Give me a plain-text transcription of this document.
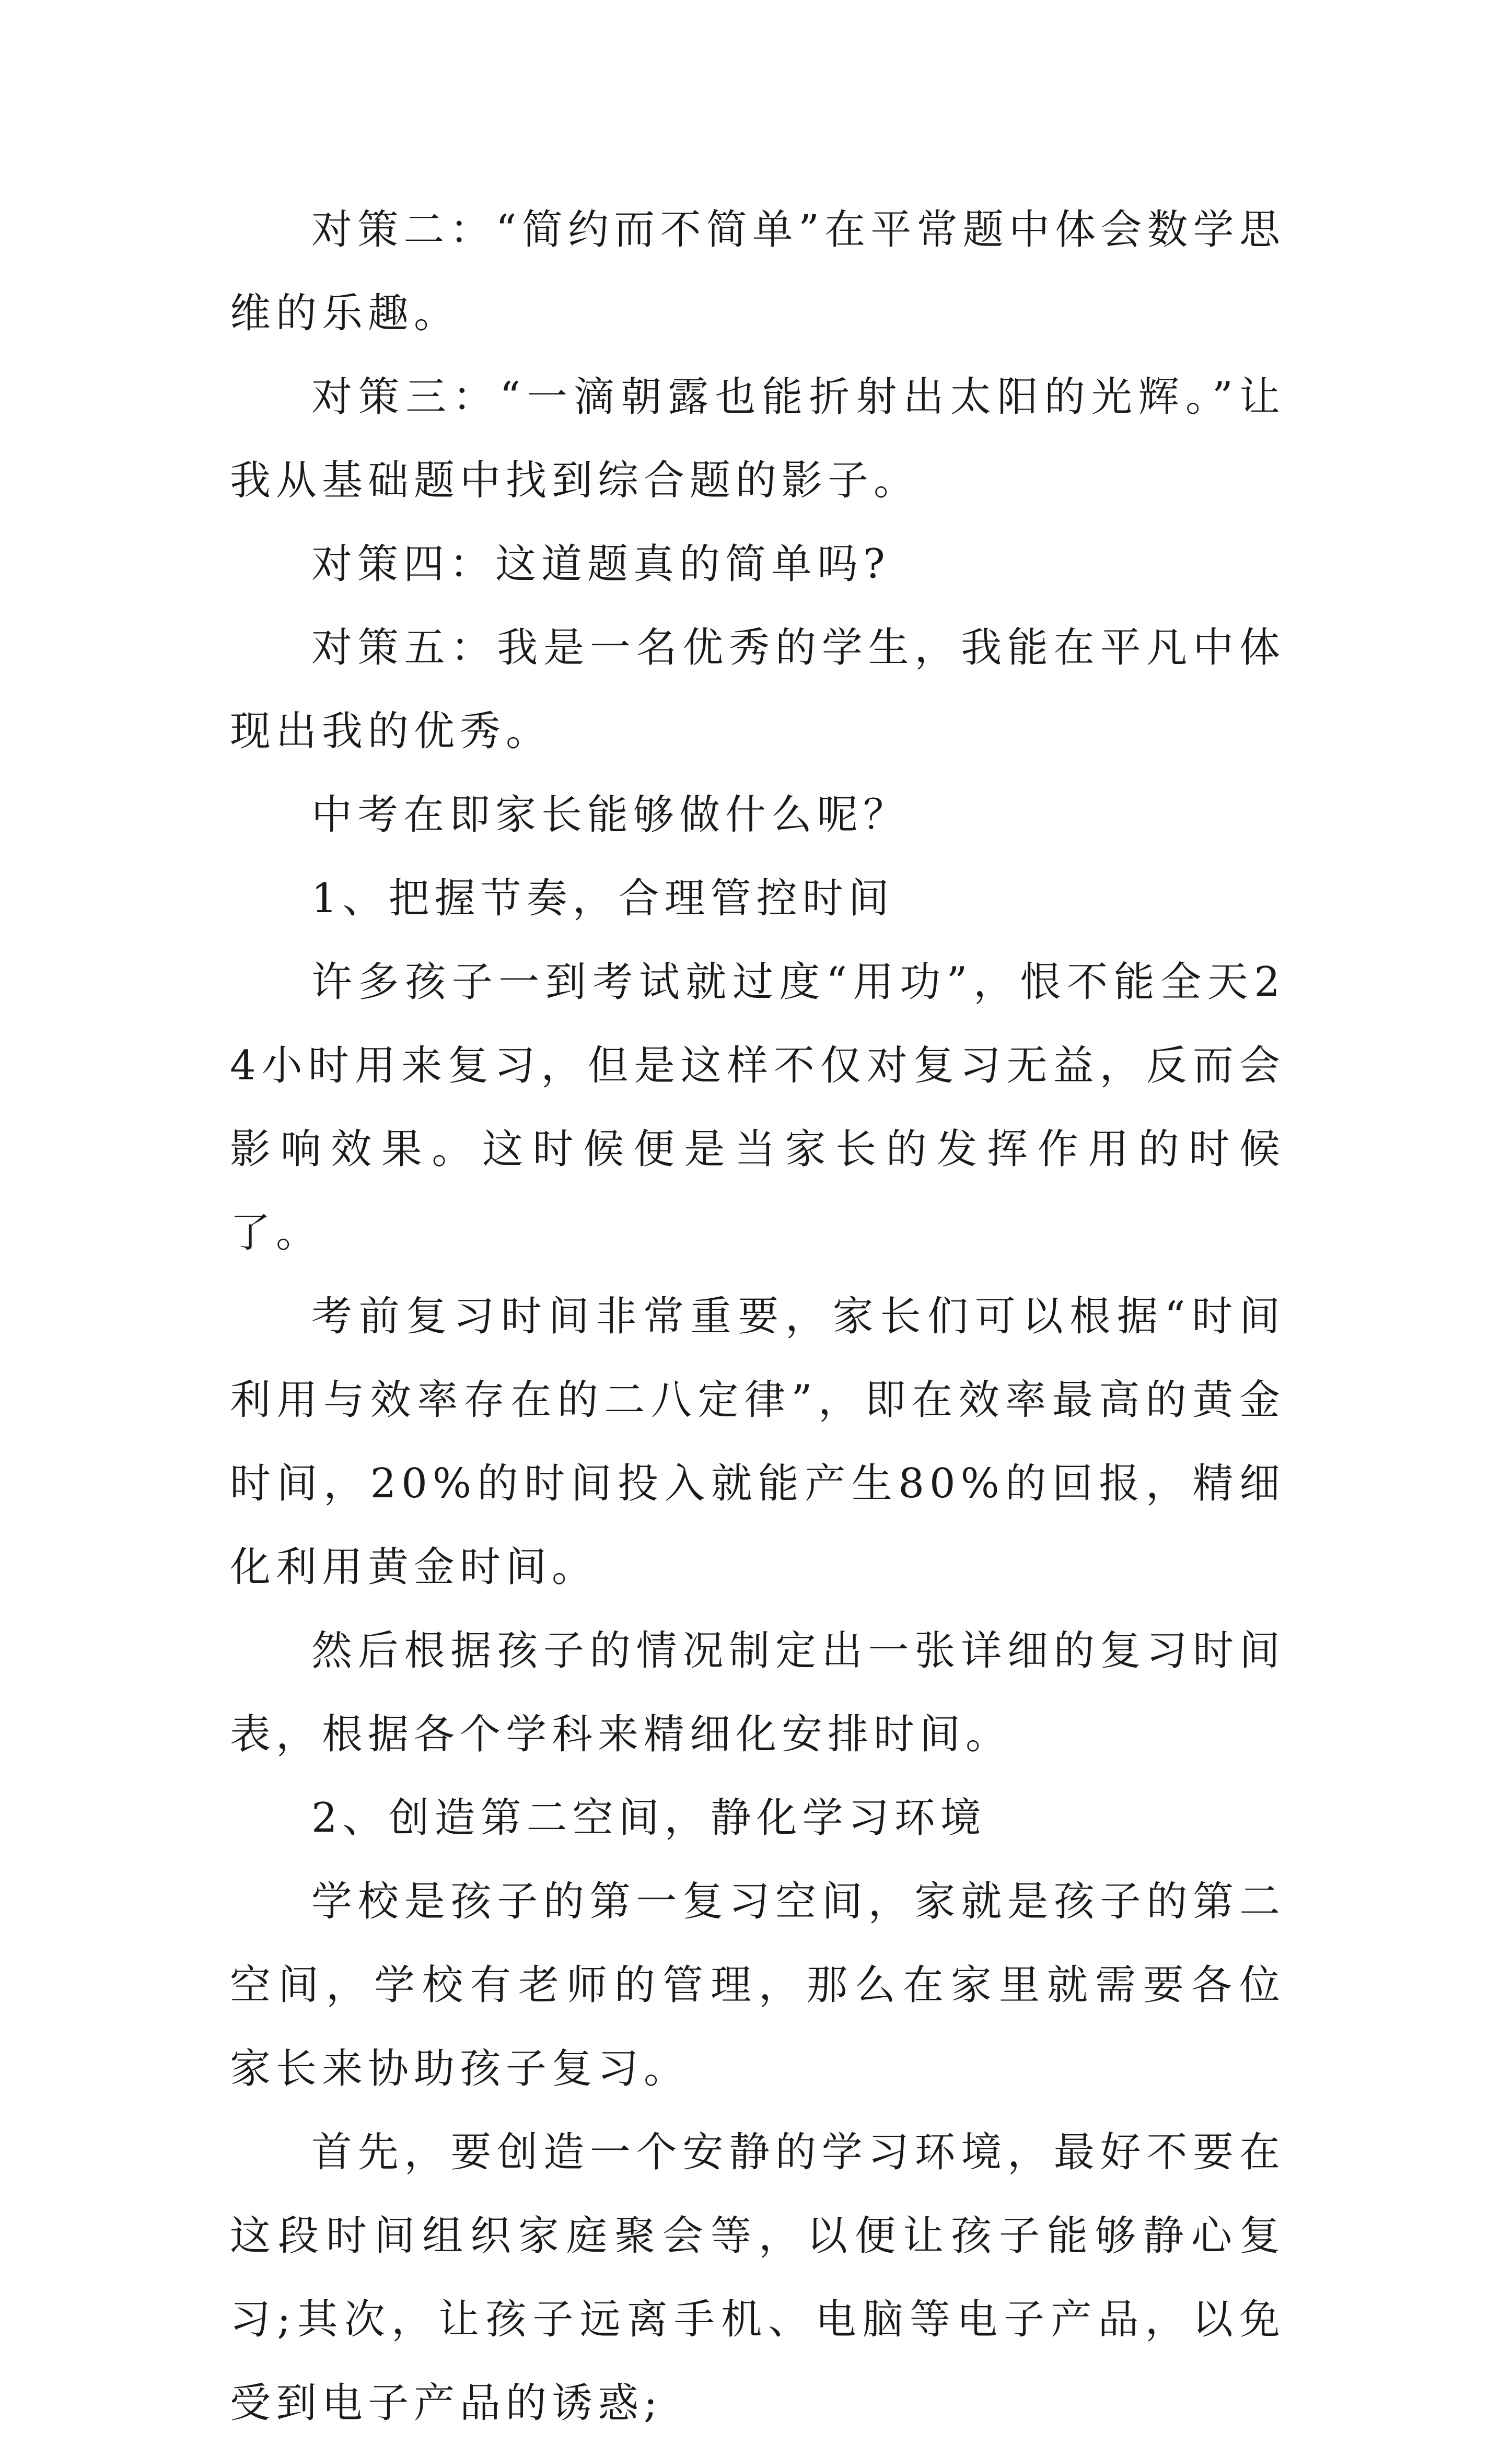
对策二：“简约而不简单”在平常题中体会数学思维的乐趣。

对策三：“一滴朝露也能折射出太阳的光辉。”让我从基础题中找到综合题的影子。

对策四：这道题真的简单吗?

对策五：我是一名优秀的学生，我能在平凡中体现出我的优秀。

中考在即家长能够做什么呢？

1、把握节奏，合理管控时间

许多孩子一到考试就过度“用功”，恨不能全天24小时用来复习，但是这样不仅对复习无益，反而会影响效果。这时候便是当家长的发挥作用的时候了。

考前复习时间非常重要，家长们可以根据“时间利用与效率存在的二八定律”，即在效率最高的黄金时间，20%的时间投入就能产生80%的回报，精细化利用黄金时间。

然后根据孩子的情况制定出一张详细的复习时间表，根据各个学科来精细化安排时间。

2、创造第二空间，静化学习环境

学校是孩子的第一复习空间，家就是孩子的第二空间，学校有老师的管理，那么在家里就需要各位家长来协助孩子复习。

首先，要创造一个安静的学习环境，最好不要在这段时间组织家庭聚会等，以便让孩子能够静心复习;其次，让孩子远离手机、电脑等电子产品，以免受到电子产品的诱惑;
